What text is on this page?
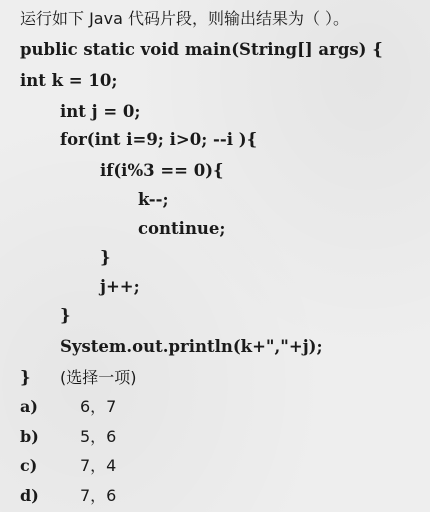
运行如下 Java 代码片段，则输出结果为（ ）。
public static void main(String[] args) {
int k = 10;
int j = 0;
for(int i=9; i>0; --i ){
if(i%3 == 0){
k--;
continue;
}
j++;
}
System.out.println(k+","+j);
} (选择一项)
a)	6，7
b)	5，6
c)	7，4
d)	7，6
